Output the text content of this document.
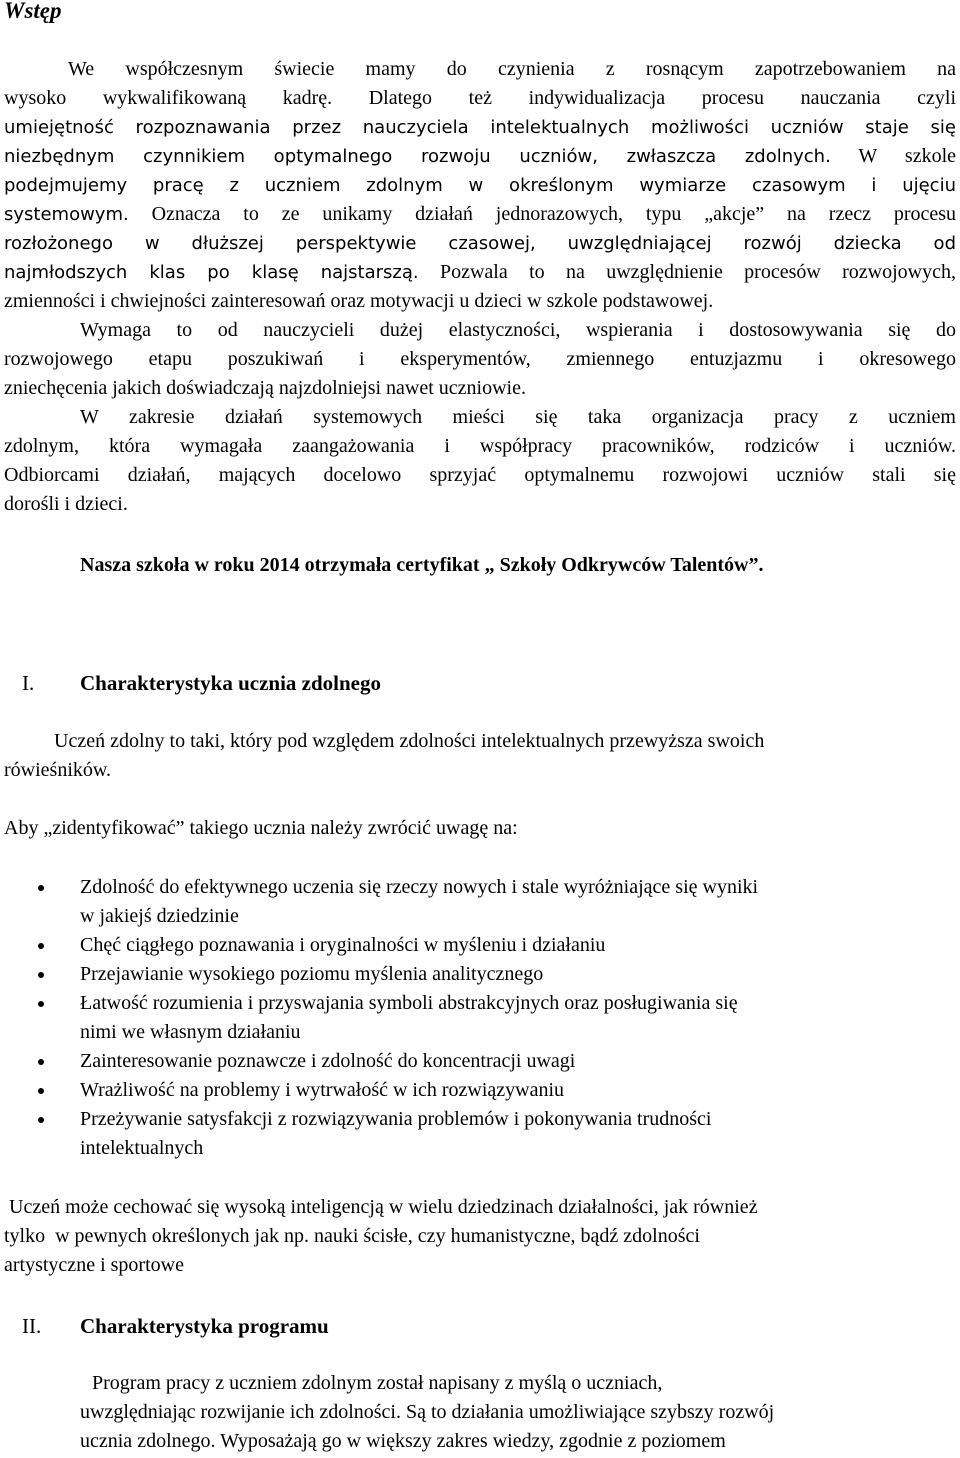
Wstęp
We współczesnym świecie mamy do czynienia z rosnącym zapotrzebowaniem na
wysoko wykwalifikowaną kadrę. Dlatego też indywidualizacja procesu nauczania czyli
umiejętność rozpoznawania przez nauczyciela intelektualnych możliwości uczniów staje się
niezbędnym czynnikiem optymalnego rozwoju uczniów, zwłaszcza zdolnych. W szkole
podejmujemy pracę z uczniem zdolnym w określonym wymiarze czasowym i ujęciu
systemowym. Oznacza to ze unikamy działań jednorazowych, typu „akcje” na rzecz procesu
rozłożonego w dłuższej perspektywie czasowej, uwzględniającej rozwój dziecka od
najmłodszych klas po klasę najstarszą. Pozwala to na uwzględnienie procesów rozwojowych,
zmienności i chwiejności zainteresowań oraz motywacji u dzieci w szkole podstawowej.
Wymaga to od nauczycieli dużej elastyczności, wspierania i dostosowywania się do
rozwojowego etapu poszukiwań i eksperymentów, zmiennego entuzjazmu i okresowego
zniechęcenia jakich doświadczają najzdolniejsi nawet uczniowie.
W zakresie działań systemowych mieści się taka organizacja pracy z uczniem
zdolnym, która wymagała zaangażowania i współpracy pracowników, rodziców i uczniów.
Odbiorcami działań, mających docelowo sprzyjać optymalnemu rozwojowi uczniów stali się
dorośli i dzieci.

Nasza szkoła w roku 2014 otrzymała certyfikat „ Szkoły Odkrywców Talentów”.

I. Charakterystyka ucznia zdolnego
Uczeń zdolny to taki, który pod względem zdolności intelektualnych przewyższa swoich
rówieśników.

Aby „zidentyfikować” takiego ucznia należy zwrócić uwagę na:

Zdolność do efektywnego uczenia się rzeczy nowych i stale wyróżniające się wyniki
w jakiejś dziedzinie
Chęć ciągłego poznawania i oryginalności w myśleniu i działaniu
Przejawianie wysokiego poziomu myślenia analitycznego
Łatwość rozumienia i przyswajania symboli abstrakcyjnych oraz posługiwania się
nimi we własnym działaniu
Zainteresowanie poznawcze i zdolność do koncentracji uwagi
Wrażliwość na problemy i wytrwałość w ich rozwiązywaniu
Przeżywanie satysfakcji z rozwiązywania problemów i pokonywania trudności
intelektualnych
Uczeń może cechować się wysoką inteligencją w wielu dziedzinach działalności, jak również
tylko  w pewnych określonych jak np. nauki ścisłe, czy humanistyczne, bądź zdolności
artystyczne i sportowe
II. Charakterystyka programu
Program pracy z uczniem zdolnym został napisany z myślą o uczniach,
uwzględniając rozwijanie ich zdolności. Są to działania umożliwiające szybszy rozwój
ucznia zdolnego. Wyposażają go w większy zakres wiedzy, zgodnie z poziomem
